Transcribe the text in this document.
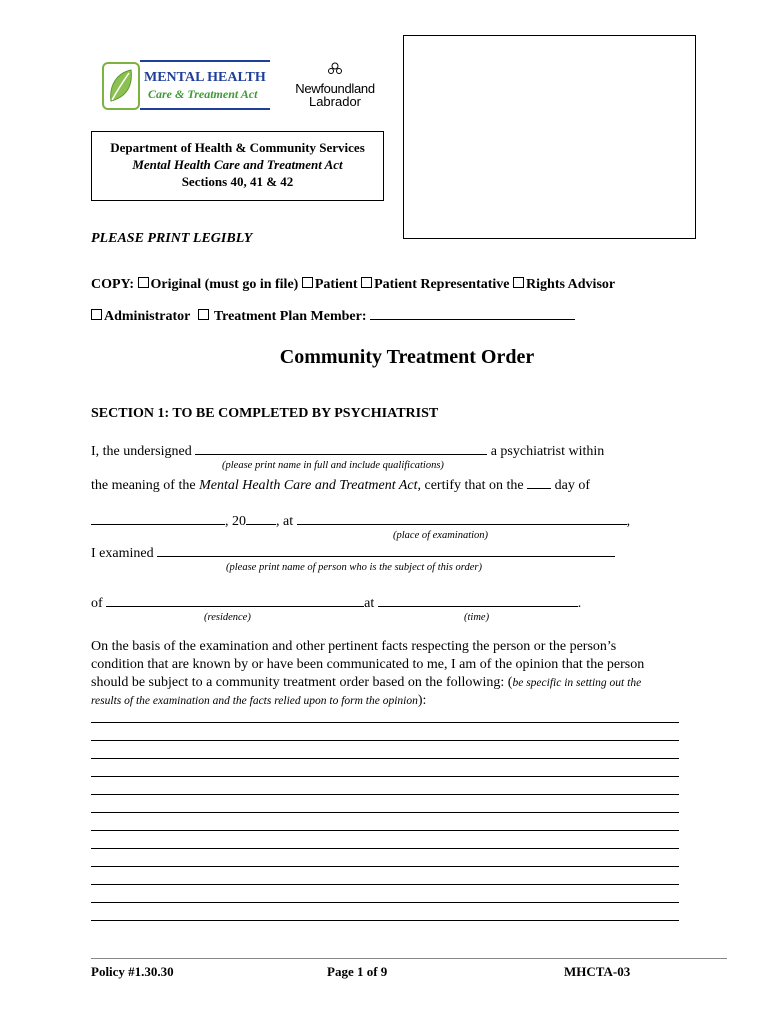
MENTAL HEALTH
Care & Treatment Act	Newfoundland
Labrador
Department of Health & Community Services
Mental Health Care and Treatment Act
Sections 40, 41 & 42
PLEASE PRINT LEGIBLY
COPY: Original (must go in file) Patient Patient Representative Rights Advisor
Administrator Treatment Plan Member:
Community Treatment Order
SECTION 1: TO BE COMPLETED BY PSYCHIATRIST
I, the undersigned	a psychiatrist within
(please print name in full and include qualifications)
the meaning of the Mental Health Care and Treatment Act, certify that on the day of
, 20 , at	,
(place of examination)
I examined
(please print name of person who is the subject of this order)
of	at	.
(residence)	(time)
On the basis of the examination and other pertinent facts respecting the person or the person’s
condition that are known by or have been communicated to me, I am of the opinion that the person
should be subject to a community treatment order based on the following: (be specific in setting out the
results of the examination and the facts relied upon to form the opinion):
Policy #1.30.30	Page 1 of 9	MHCTA-03
